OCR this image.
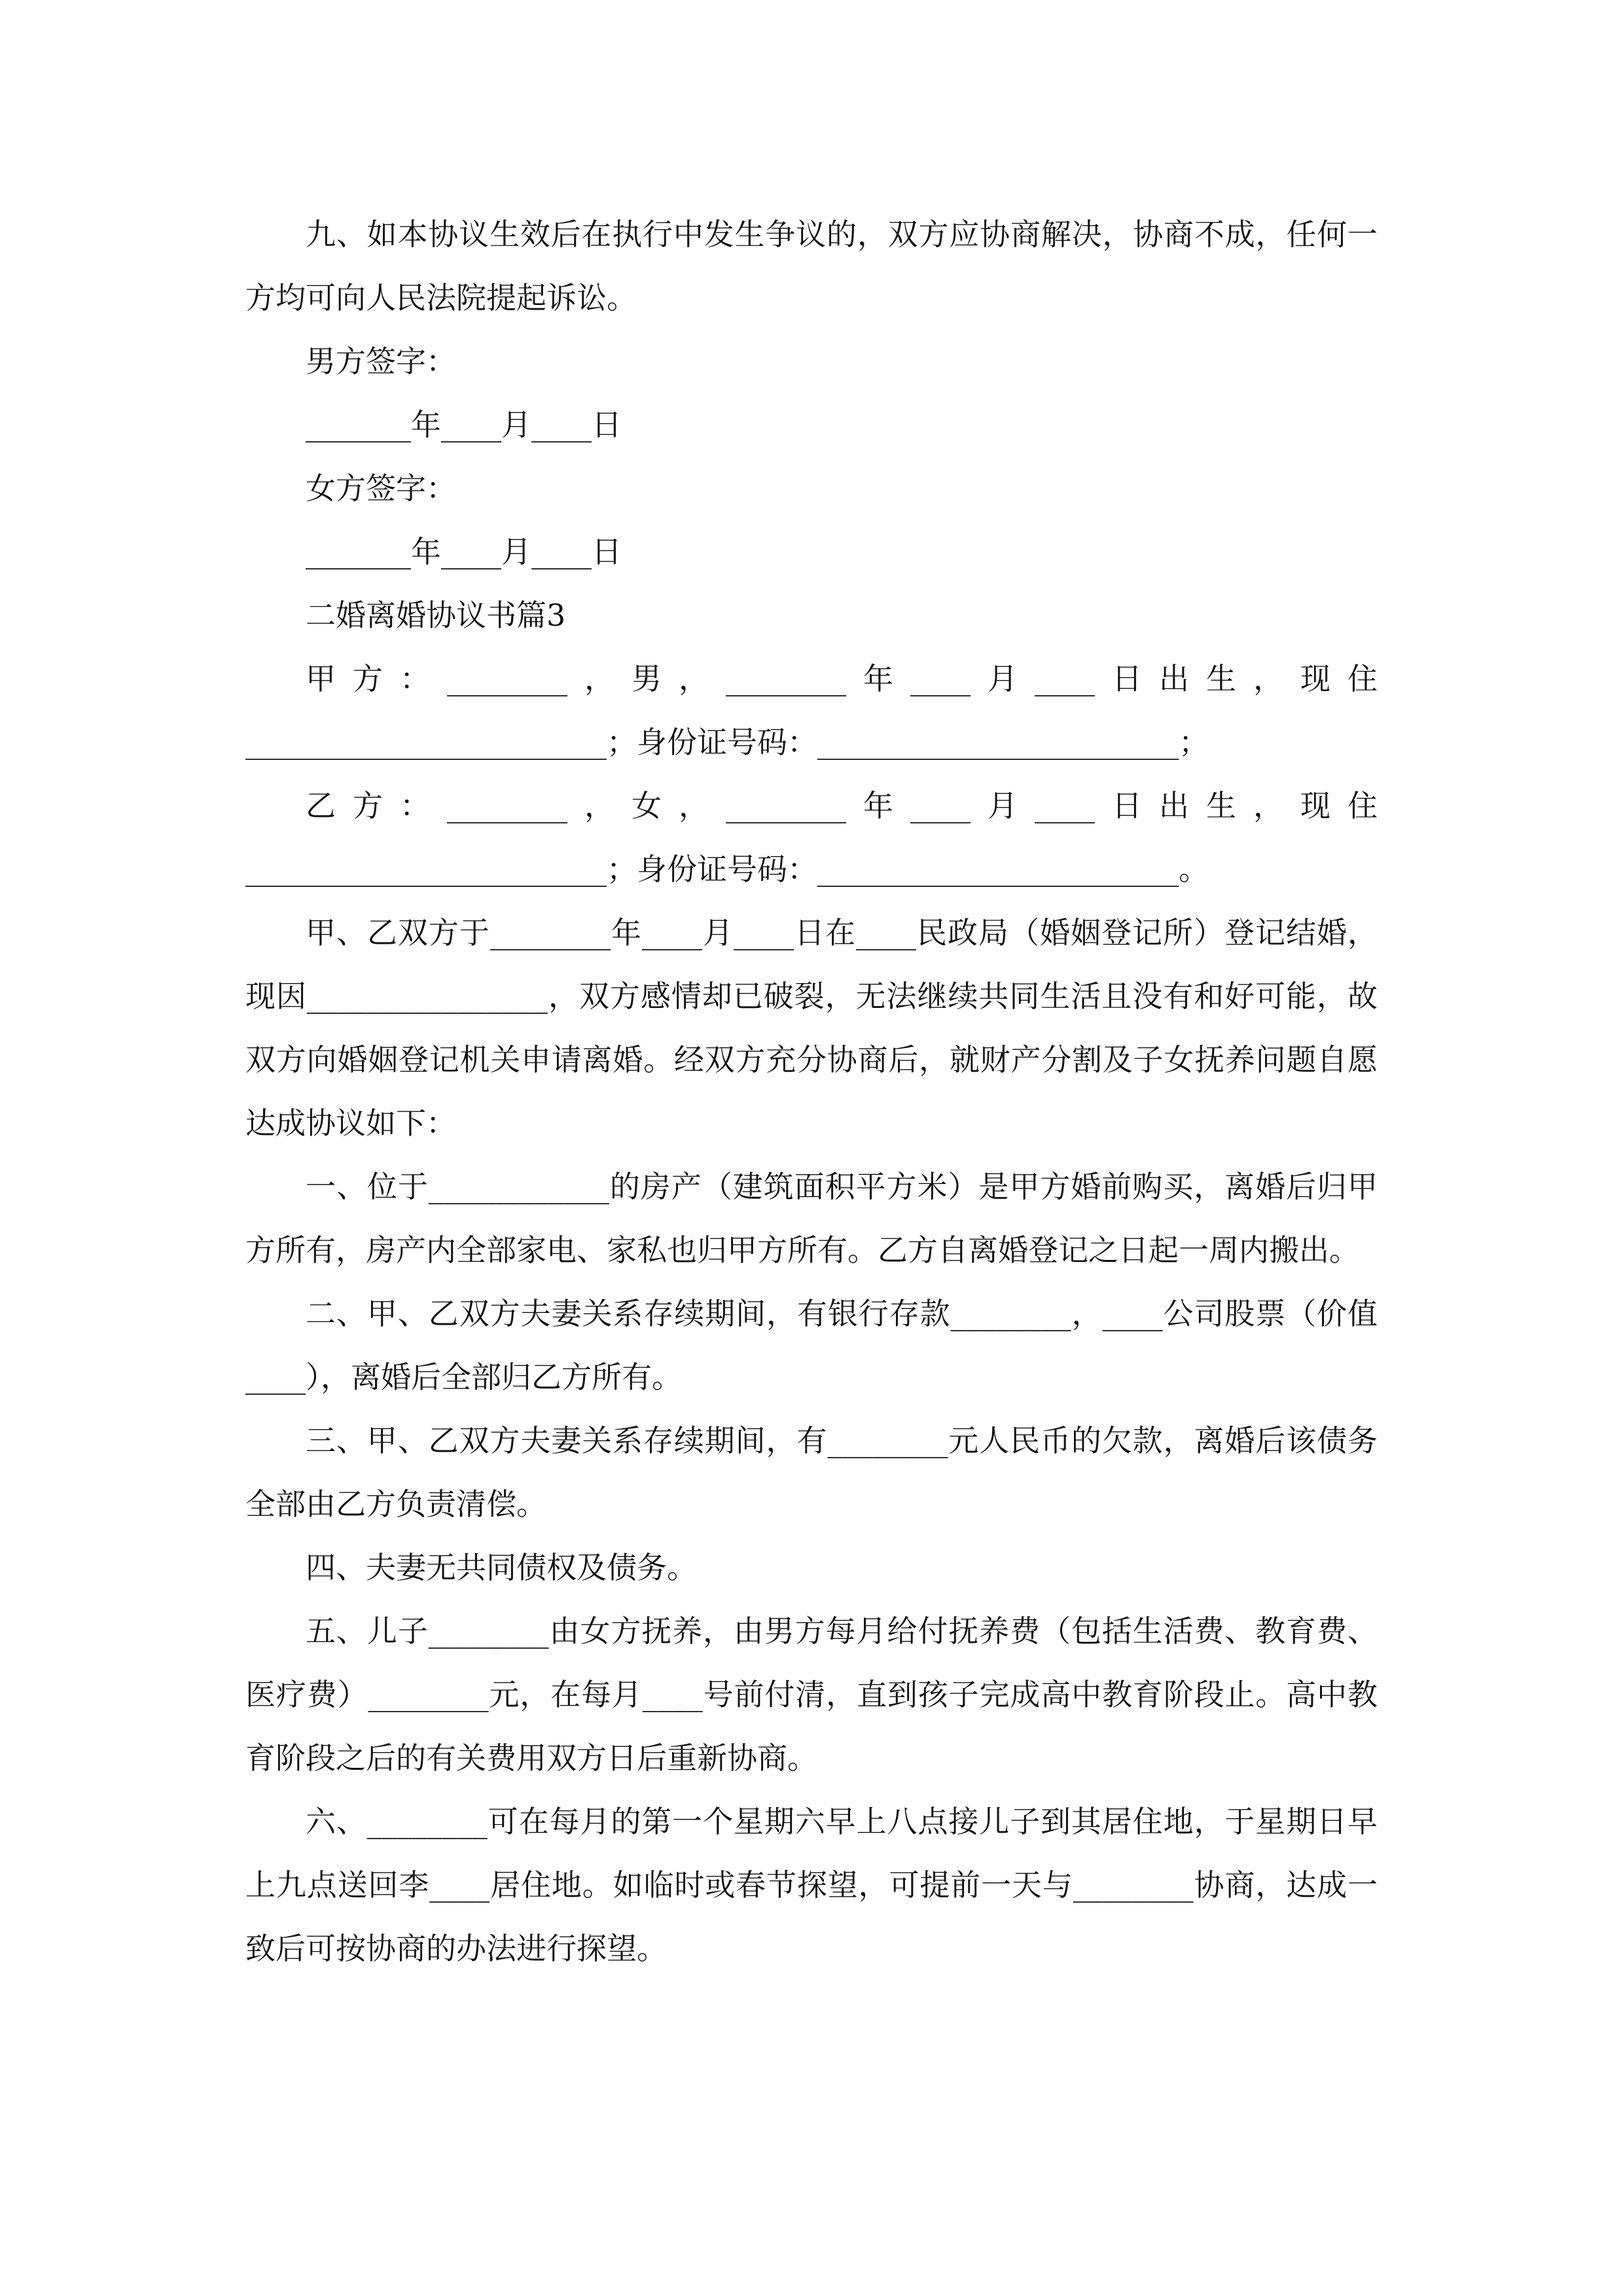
九、如本协议生效后在执行中发生争议的，双方应协商解决，协商不成，任何一方均可向人民法院提起诉讼。

男方签字：

_______年____月____日

女方签字：

_______年____月____日

二婚离婚协议书篇3

甲方：________，男，________年____月____日出生，现住________________________；身份证号码：________________________；

乙方：________，女，________年____月____日出生，现住________________________；身份证号码：________________________。

甲、乙双方于________年____月____日在____民政局（婚姻登记所）登记结婚，现因________________，双方感情却已破裂，无法继续共同生活且没有和好可能，故双方向婚姻登记机关申请离婚。经双方充分协商后，就财产分割及子女抚养问题自愿达成协议如下：

一、位于____________的房产（建筑面积平方米）是甲方婚前购买，离婚后归甲方所有，房产内全部家电、家私也归甲方所有。乙方自离婚登记之日起一周内搬出。

二、甲、乙双方夫妻关系存续期间，有银行存款________，____公司股票（价值____），离婚后全部归乙方所有。

三、甲、乙双方夫妻关系存续期间，有________元人民币的欠款，离婚后该债务全部由乙方负责清偿。

四、夫妻无共同债权及债务。

五、儿子________由女方抚养，由男方每月给付抚养费（包括生活费、教育费、医疗费）________元，在每月____号前付清，直到孩子完成高中教育阶段止。高中教育阶段之后的有关费用双方日后重新协商。

六、________可在每月的第一个星期六早上八点接儿子到其居住地，于星期日早上九点送回李____居住地。如临时或春节探望，可提前一天与________协商，达成一致后可按协商的办法进行探望。
